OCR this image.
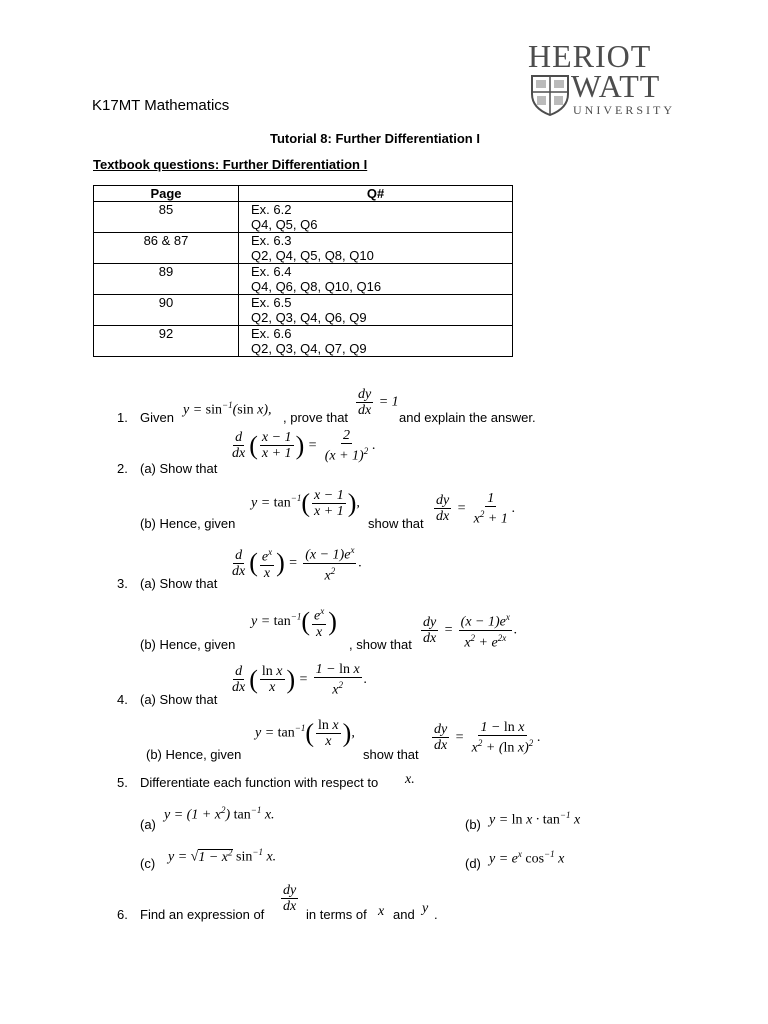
HERIOT
WATT
UNIVERSITY
K17MT Mathematics
Tutorial 8: Further Differentiation I
Textbook questions: Further Differentiation I
Page	Q#
85	Ex. 6.2
Q4, Q5, Q6

86 & 87	Ex. 6.3
Q2, Q4, Q5, Q8, Q10

89	Ex. 6.4
Q4, Q6, Q8, Q10, Q16

90	Ex. 6.5
Q2, Q3, Q4, Q6, Q9

92	Ex. 6.6
Q2, Q3, Q4, Q7, Q9
1. Given $y = \sin^{-1}(\sin$ x), , prove that $\frac{dy}{dx} = 1$
and explain the answer.
2. (a) Show that
$\frac{d}{dx}$ ( $\frac{x - 1}{x + 1}$ ) = $\frac{2}{(x + 1)^2}$ .
(b) Hence, given
$y = \tan^{-1}( \frac{x - 1}{x + 1}$ ),
show that $\frac{dy}{dx} = \frac{1}{x^2 + 1}$ .
3. (a) Show that
$\frac{d}{dx}$ ( $\frac{e^x}{x}$ ) = $\frac{(x - 1)e^x}{x^2}$ .
(b) Hence, given
$y = \tan^{-1}( \frac{e^x}{x}$ )
, show that $\frac{dy}{dx} = \frac{(x - 1)e^x}{x^2 + e^{2x}}$ .
4. (a) Show that
$\frac{d}{dx}$ ( $\frac{\text{ln x}}{x}$ ) = $\frac{\text{1 − ln x}}{x^2}$ .
(b) Hence, given
$y = \tan^{-1}( \frac{\text{ln x}}{x}$ ),
show that
$\frac{dy}{dx} = \frac{\text{1 − ln x}}{x^2 + (\ln x)^2}$ .
5. Differentiate each function with respect to x.
(a)
$y = (1 + x^2)$ $\tan^{-1} x$.
(b) $y = \ln x \cdot \tan^{-1} x$
(c) $y = √1 - x^2$ $\sin^{-1} x$.	(d) $y = e^x$ $\cos^{-1} x$
6. Find an expression of
$\frac{dy}{dx}$
in terms of x and y .
